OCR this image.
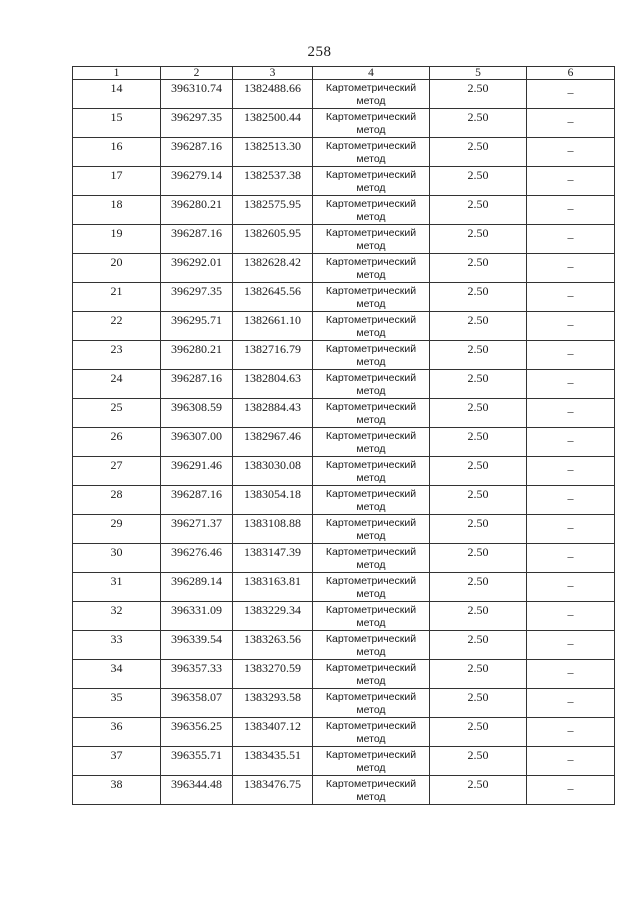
258
1	2	3	4	5	6
14	396310.74	1382488.66	Картометрический метод	2.50	–
15	396297.35	1382500.44	Картометрический метод	2.50	–
16	396287.16	1382513.30	Картометрический метод	2.50	–
17	396279.14	1382537.38	Картометрический метод	2.50	–
18	396280.21	1382575.95	Картометрический метод	2.50	–
19	396287.16	1382605.95	Картометрический метод	2.50	–
20	396292.01	1382628.42	Картометрический метод	2.50	–
21	396297.35	1382645.56	Картометрический метод	2.50	–
22	396295.71	1382661.10	Картометрический метод	2.50	–
23	396280.21	1382716.79	Картометрический метод	2.50	–
24	396287.16	1382804.63	Картометрический метод	2.50	–
25	396308.59	1382884.43	Картометрический метод	2.50	–
26	396307.00	1382967.46	Картометрический метод	2.50	–
27	396291.46	1383030.08	Картометрический метод	2.50	–
28	396287.16	1383054.18	Картометрический метод	2.50	–
29	396271.37	1383108.88	Картометрический метод	2.50	–
30	396276.46	1383147.39	Картометрический метод	2.50	–
31	396289.14	1383163.81	Картометрический метод	2.50	–
32	396331.09	1383229.34	Картометрический метод	2.50	–
33	396339.54	1383263.56	Картометрический метод	2.50	–
34	396357.33	1383270.59	Картометрический метод	2.50	–
35	396358.07	1383293.58	Картометрический метод	2.50	–
36	396356.25	1383407.12	Картометрический метод	2.50	–
37	396355.71	1383435.51	Картометрический метод	2.50	–
38	396344.48	1383476.75	Картометрический метод	2.50	–
